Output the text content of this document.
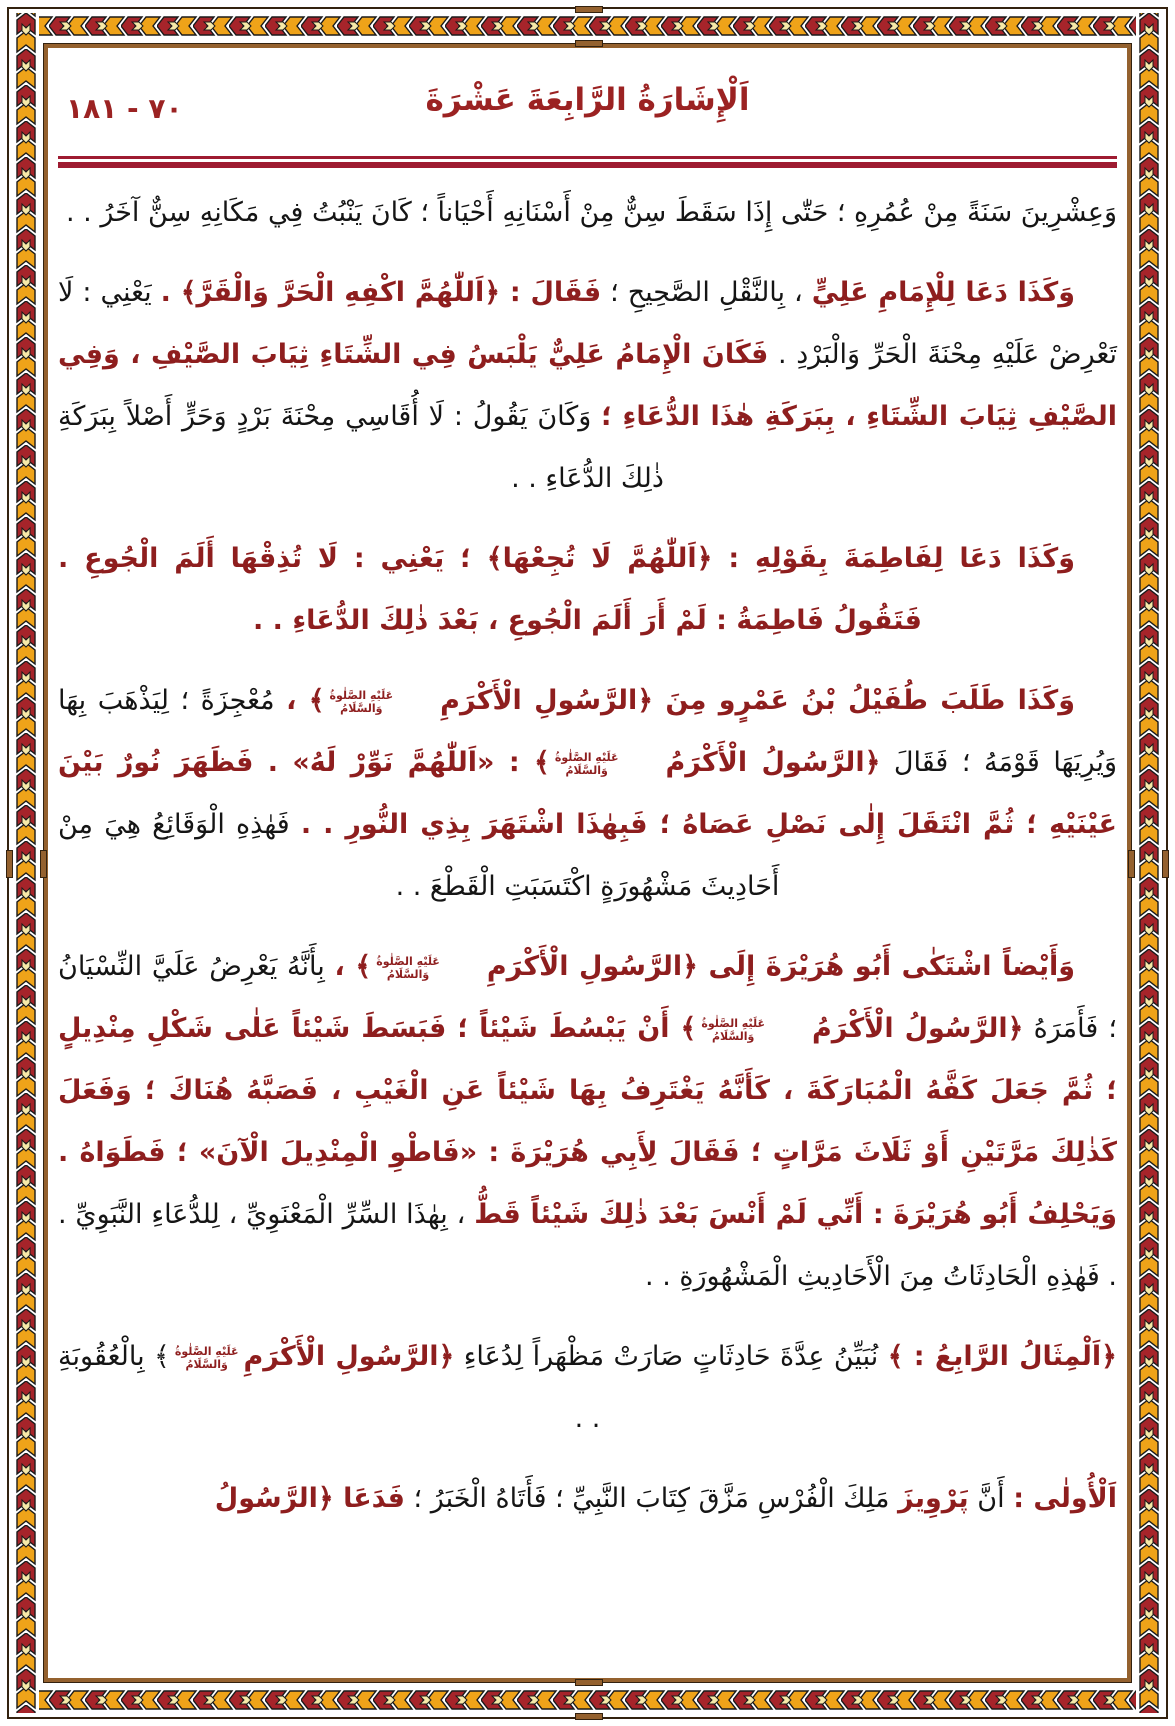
٧٠ - ١٨١	اَلْإِشَارَةُ الرَّابِعَةَ عَشْرَةَ

وَعِشْرِينَ سَنَةً مِنْ عُمُرِهِ ؛ حَتّٰى إِذَا سَقَطَ سِنٌّ مِنْ أَسْنَانِهِ أَحْيَاناً ؛ كَانَ يَنْبُتُ فِي مَكَانِهِ سِنٌّ آخَرُ . .

وَكَذَا دَعَا لِلْإِمَامِ عَلِيٍّ ، بِالنَّقْلِ الصَّحِيحِ ؛ فَقَالَ : ﴿اَللّٰهُمَّ اكْفِهِ الْحَرَّ وَالْقَرَّ﴾ . يَعْنِي : لَا تَعْرِضْ عَلَيْهِ مِحْنَةَ الْحَرِّ وَالْبَرْدِ . فَكَانَ الْإِمَامُ عَلِيٌّ يَلْبَسُ فِي الشِّتَاءِ ثِيَابَ الصَّيْفِ ، وَفِي الصَّيْفِ ثِيَابَ الشِّتَاءِ ، بِبَرَكَةِ هٰذَا الدُّعَاءِ ؛ وَكَانَ يَقُولُ : لَا أُقَاسِي مِحْنَةَ بَرْدٍ وَحَرٍّ أَصْلاً بِبَرَكَةِ ذٰلِكَ الدُّعَاءِ . .

وَكَذَا دَعَا لِفَاطِمَةَ بِقَوْلِهِ : ﴿اَللّٰهُمَّ لَا تُجِعْهَا﴾ ؛ يَعْنِي : لَا تُذِقْهَا أَلَمَ الْجُوعِ . فَتَقُولُ فَاطِمَةُ : لَمْ أَرَ أَلَمَ الْجُوعِ ، بَعْدَ ذٰلِكَ الدُّعَاءِ . .

وَكَذَا طَلَبَ طُفَيْلُ بْنُ عَمْرٍو مِنَ ﴿الرَّسُولِ الْأَكْرَمِ
عَلَيْهِ الصَّلٰوةُ
وَالسَّلَامُ
﴾ ، مُعْجِزَةً ؛ لِيَذْهَبَ بِهَا وَيُرِيَهَا قَوْمَهُ ؛ فَقَالَ ﴿الرَّسُولُ الْأَكْرَمُ
عَلَيْهِ الصَّلٰوةُ
وَالسَّلَامُ
﴾ : «اَللّٰهُمَّ نَوِّرْ لَهُ» . فَظَهَرَ نُورٌ بَيْنَ عَيْنَيْهِ ؛ ثُمَّ انْتَقَلَ إِلٰى نَصْلِ عَصَاهُ ؛ فَبِهٰذَا اشْتَهَرَ بِذِي النُّورِ . . فَهٰذِهِ الْوَقَائِعُ هِيَ مِنْ أَحَادِيثَ مَشْهُورَةٍ اكْتَسَبَتِ الْقَطْعَ . .

وَأَيْضاً اشْتَكٰى أَبُو هُرَيْرَةَ إِلَى ﴿الرَّسُولِ الْأَكْرَمِ
عَلَيْهِ الصَّلٰوةُ
وَالسَّلَامُ
﴾ ، بِأَنَّهُ يَعْرِضُ عَلَيَّ النِّسْيَانُ ؛ فَأَمَرَهُ ﴿الرَّسُولُ الْأَكْرَمُ
عَلَيْهِ الصَّلٰوةُ
وَالسَّلَامُ
﴾ أَنْ يَبْسُطَ شَيْئاً ؛ فَبَسَطَ شَيْئاً عَلٰى شَكْلِ مِنْدِيلٍ ؛ ثُمَّ جَعَلَ كَفَّهُ الْمُبَارَكَةَ ، كَأَنَّهُ يَغْتَرِفُ بِهَا شَيْئاً عَنِ الْغَيْبِ ، فَصَبَّهُ هُنَاكَ ؛ وَفَعَلَ كَذٰلِكَ مَرَّتَيْنِ أَوْ ثَلَاثَ مَرَّاتٍ ؛ فَقَالَ لِأَبِي هُرَيْرَةَ : «فَاطْوِ الْمِنْدِيلَ الْآنَ» ؛ فَطَوَاهُ . وَيَحْلِفُ أَبُو هُرَيْرَةَ : أَنِّي لَمْ أَنْسَ بَعْدَ ذٰلِكَ شَيْئاً قَطُّ ، بِهٰذَا السِّرِّ الْمَعْنَوِيِّ ، لِلدُّعَاءِ النَّبَوِيِّ . . فَهٰذِهِ الْحَادِثَاتُ مِنَ الْأَحَادِيثِ الْمَشْهُورَةِ . .

﴿اَلْمِثَالُ الرَّابِعُ : ﴾ نُبَيِّنُ عِدَّةَ حَادِثَاتٍ صَارَتْ مَظْهَراً لِدُعَاءِ ﴿الرَّسُولِ الْأَكْرَمِ
عَلَيْهِ الصَّلٰوةُ
وَالسَّلَامُ
﴾ بِالْعُقُوبَةِ . .

اَلْأُولٰى : أَنَّ پَرْوِيزَ مَلِكَ الْفُرْسِ مَزَّقَ كِتَابَ النَّبِيِّ ؛ فَأَتَاهُ الْخَبَرُ ؛ فَدَعَا ﴿الرَّسُولُ
